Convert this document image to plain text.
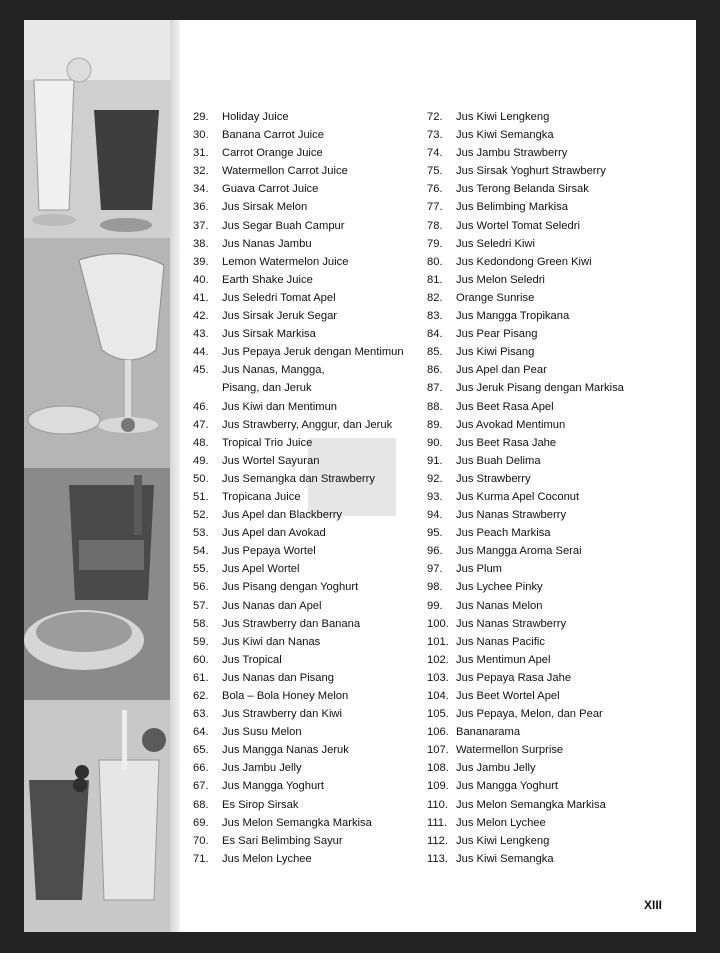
29.	Holiday Juice
30.	Banana Carrot Juice
31.	Carrot Orange Juice
32.	Watermellon Carrot Juice
34.	Guava Carrot Juice
36.	Jus Sirsak Melon
37.	Jus Segar Buah Campur
38.	Jus Nanas Jambu
39.	Lemon Watermelon Juice
40.	Earth Shake Juice
41.	Jus Seledri Tomat Apel
42.	Jus Sirsak Jeruk Segar
43.	Jus Sirsak Markisa
44.	Jus Pepaya Jeruk dengan Mentimun
45.	Jus Nanas, Mangga,
Pisang, dan Jeruk
46.	Jus Kiwi dan Mentimun
47.	Jus Strawberry, Anggur, dan Jeruk
48.	Tropical Trio Juice
49.	Jus Wortel Sayuran
50.	Jus Semangka dan Strawberry
51.	Tropicana Juice
52.	Jus Apel dan Blackberry
53.	Jus Apel dan Avokad
54.	Jus Pepaya Wortel
55.	Jus Apel Wortel
56.	Jus Pisang dengan Yoghurt
57.	Jus Nanas dan Apel
58.	Jus Strawberry dan Banana
59.	Jus Kiwi dan Nanas
60.	Jus Tropical
61.	Jus Nanas dan Pisang
62.	Bola – Bola Honey Melon
63.	Jus Strawberry dan Kiwi
64.	Jus Susu Melon
65.	Jus Mangga Nanas Jeruk
66.	Jus Jambu Jelly
67.	Jus Mangga Yoghurt
68.	Es Sirop Sirsak
69.	Jus Melon Semangka Markisa
70.	Es Sari Belimbing Sayur
71.	Jus Melon Lychee
72.	Jus Kiwi Lengkeng
73.	Jus Kiwi Semangka
74.	Jus Jambu Strawberry
75.	Jus Sirsak Yoghurt Strawberry
76.	Jus Terong Belanda Sirsak
77.	Jus Belimbing Markisa
78.	Jus Wortel Tomat Seledri
79.	Jus Seledri Kiwi
80.	Jus Kedondong Green Kiwi
81.	Jus Melon Seledri
82.	Orange Sunrise
83.	Jus Mangga Tropikana
84.	Jus Pear Pisang
85.	Jus Kiwi Pisang
86.	Jus Apel dan Pear
87.	Jus Jeruk Pisang dengan Markisa
88.	Jus Beet Rasa Apel
89.	Jus Avokad Mentimun
90.	Jus Beet Rasa Jahe
91.	Jus Buah Delima
92.	Jus Strawberry
93.	Jus Kurma Apel Coconut
94.	Jus Nanas Strawberry
95.	Jus Peach Markisa
96.	Jus Mangga Aroma Serai
97.	Jus Plum
98.	Jus Lychee Pinky
99.	Jus Nanas Melon
100. Jus Nanas Strawberry
101. Jus Nanas Pacific
102. Jus Mentimun Apel
103. Jus Pepaya Rasa Jahe
104. Jus Beet Wortel Apel
105. Jus Pepaya, Melon, dan Pear
106. Bananarama
107. Watermellon Surprise
108. Jus Jambu Jelly
109. Jus Mangga Yoghurt
110. Jus Melon Semangka Markisa
111. Jus Melon Lychee
112. Jus Kiwi Lengkeng
113. Jus Kiwi Semangka
XIII
